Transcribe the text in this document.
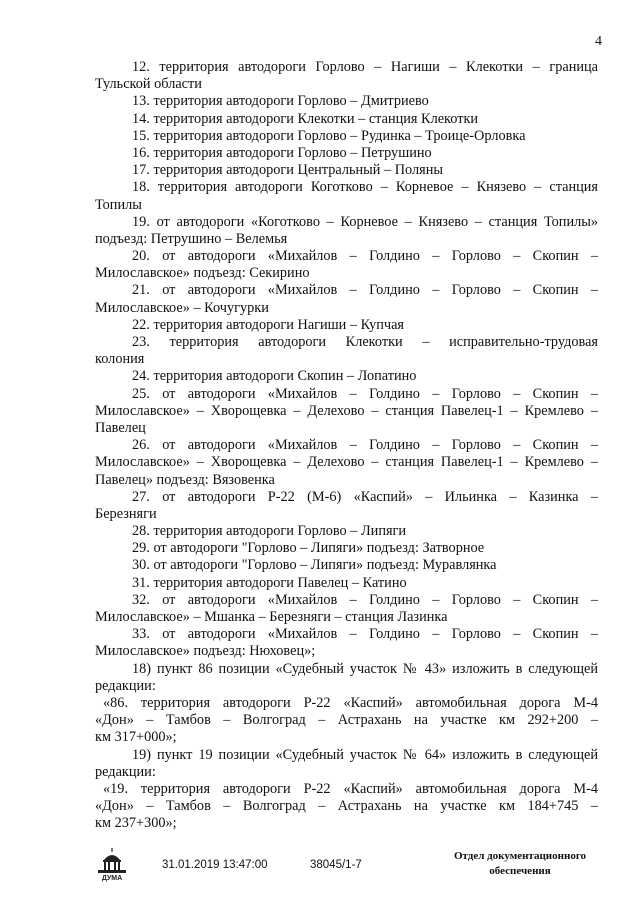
4
12. территория автодороги Горлово – Нагиши – Клекотки – граница
Тульской области
13. территория автодороги Горлово – Дмитриево
14. территория автодороги Клекотки – станция Клекотки
15. территория автодороги Горлово – Рудинка – Троице-Орловка
16. территория автодороги Горлово – Петрушино
17. территория автодороги Центральный – Поляны
18. территория автодороги Коготково – Корневое – Князево – станция
Топилы
19. от автодороги «Коготково – Корневое – Князево – станция Топилы»
подъезд: Петрушино – Велемья
20. от автодороги «Михайлов – Голдино – Горлово – Скопин –
Милославское» подъезд: Секирино
21. от автодороги «Михайлов – Голдино – Горлово – Скопин –
Милославское» – Кочугурки
22. территория автодороги Нагиши – Купчая
23. территория автодороги Клекотки – исправительно-трудовая
колония
24. территория автодороги Скопин – Лопатино
25. от автодороги «Михайлов – Голдино – Горлово – Скопин –
Милославское» – Хворощевка – Делехово – станция Павелец-1 – Кремлево –
Павелец
26. от автодороги «Михайлов – Голдино – Горлово – Скопин –
Милославское» – Хворощевка – Делехово – станция Павелец-1 – Кремлево –
Павелец» подъезд: Вязовенка
27. от автодороги Р-22 (М-6) «Каспий» – Ильинка – Казинка –
Березняги
28. территория автодороги Горлово – Липяги
29. от автодороги "Горлово – Липяги» подъезд: Затворное
30. от автодороги "Горлово – Липяги» подъезд: Муравлянка
31. территория автодороги Павелец – Катино
32. от автодороги «Михайлов – Голдино – Горлово – Скопин –
Милославское» – Мшанка – Березняги – станция Лазинка
33. от автодороги «Михайлов – Голдино – Горлово – Скопин –
Милославское» подъезд: Нюховец»;
18) пункт 86 позиции «Судебный участок № 43» изложить в следующей
редакции:
«86. территория автодороги Р-22 «Каспий» автомобильная дорога М-4
«Дон» – Тамбов – Волгоград – Астрахань на участке км 292+200 –
км 317+000»;
19) пункт 19 позиции «Судебный участок № 64» изложить в следующей
редакции:
«19. территория автодороги Р-22 «Каспий» автомобильная дорога М-4
«Дон» – Тамбов – Волгоград – Астрахань на участке км 184+745 –
км 237+300»;
ДУМА
31.01.2019 13:47:00	38045/1-7
Отдел документационного
обеспечения
